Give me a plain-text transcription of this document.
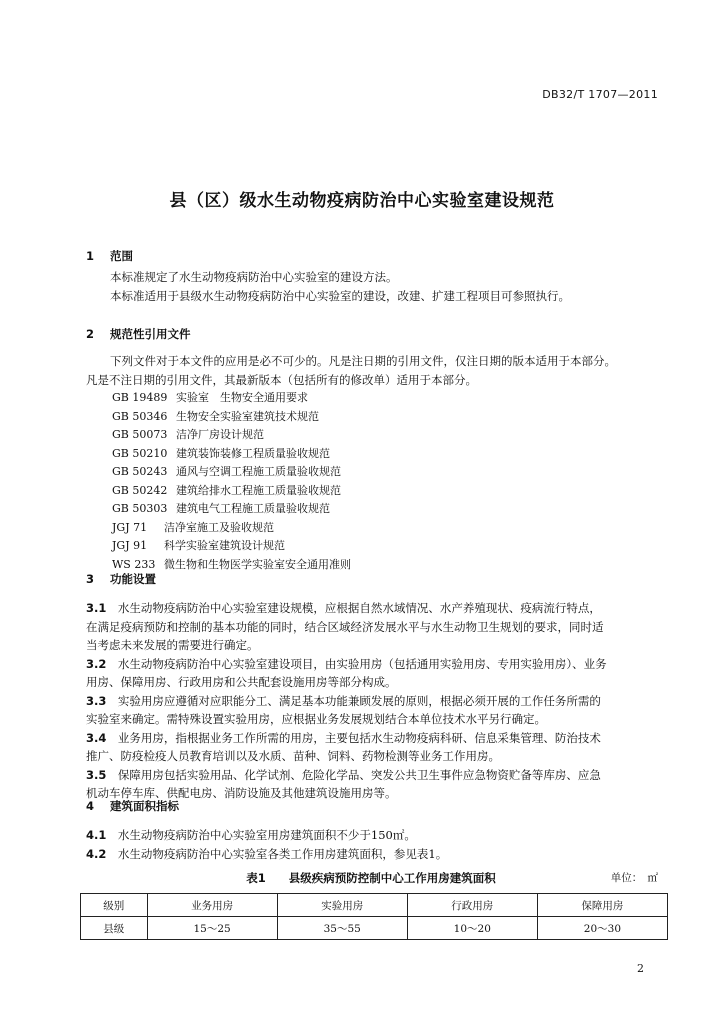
DB32/T 1707—2011
县（区）级水生动物疫病防治中心实验室建设规范
1 范围
本标准规定了水生动物疫病防治中心实验室的建设方法。
本标准适用于县级水生动物疫病防治中心实验室的建设，改建、扩建工程项目可参照执行。
2 规范性引用文件
下列文件对于本文件的应用是必不可少的。凡是注日期的引用文件，仅注日期的版本适用于本部分。
凡是不注日期的引用文件，其最新版本（包括所有的修改单）适用于本部分。
GB 19489 实验室　生物安全通用要求
GB 50346 生物安全实验室建筑技术规范
GB 50073 洁净厂房设计规范
GB 50210 建筑装饰装修工程质量验收规范
GB 50243 通风与空调工程施工质量验收规范
GB 50242 建筑给排水工程施工质量验收规范
GB 50303 建筑电气工程施工质量验收规范
JGJ 71 洁净室施工及验收规范
JGJ 91 科学实验室建筑设计规范
WS 233 微生物和生物医学实验室安全通用准则
3 功能设置
3.1　 水生动物疫病防治中心实验室建设规模，应根据自然水域情况、水产养殖现状、疫病流行特点，
在满足疫病预防和控制的基本功能的同时，结合区域经济发展水平与水生动物卫生规划的要求，同时适
当考虑未来发展的需要进行确定。
3.2　 水生动物疫病防治中心实验室建设项目，由实验用房（包括通用实验用房、专用实验用房）、业务
用房、保障用房、行政用房和公共配套设施用房等部分构成。
3.3　 实验用房应遵循对应职能分工、满足基本功能兼顾发展的原则，根据必须开展的工作任务所需的
实验室来确定。需特殊设置实验用房，应根据业务发展规划结合本单位技术水平另行确定。
3.4　 业务用房，指根据业务工作所需的用房，主要包括水生动物疫病科研、信息采集管理、防治技术
推广、防疫检疫人员教育培训以及水质、苗种、饲料、药物检测等业务工作用房。
3.5　 保障用房包括实验用品、化学试剂、危险化学品、突发公共卫生事件应急物资贮备等库房、应急
机动车停车库、供配电房、消防设施及其他建筑设施用房等。
4 建筑面积指标
4.1　 水生动物疫病防治中心实验室用房建筑面积不少于150㎡。
4.2　 水生动物疫病防治中心实验室各类工作用房建筑面积，参见表1。
表1　　县级疾病预防控制中心工作用房建筑面积	单位：　㎡
级别	业务用房	实验用房	行政用房	保障用房
县级	15～25	35～55	10～20	20～30
2
